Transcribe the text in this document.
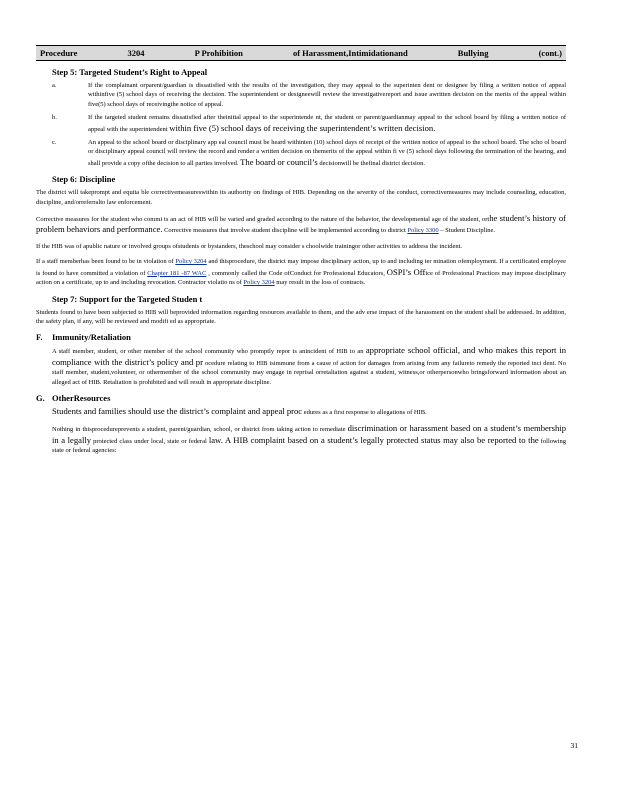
Procedure	3204	P Prohibition	of Harassment,Intimidationand	Bullying	(cont.)
Step 5: Targeted Student’s Right to Appeal
a.	If the complainant orparent/guardian is dissatisfied with the results of the investigation, they may appeal to the superinten dent or designee by filing a written notice of appeal withinfive (5) school days of receiving the decision. The superintendent or designeewill review the investigativereport and issue awritten decision on the merits of the appeal within five(5) school days of receivingthe notice of appeal.
b.	If the targeted student remains dissatisfied after theinitial appeal to the superintende nt, the student or parent/guardianmay appeal to the school board by filing a written notice of appeal with the superintendent within five (5) school days of receiving the superintendent’s written decision.
c.	An appeal to the school board or disciplinary app eal council must be heard withinten (10) school days of receipt of the written notice of appeal to the school board. The scho ol board or disciplinary appeal council will review the record and render a written decision on themerits of the appeal within fi ve (5) school days following the termination of the hearing, and shall provide a copy ofthe decision to all parties involved. The board or council’s decisionwill be thefinal district decision.
Step 6: Discipline
The district will takeprompt and equita ble correctivemeasureswithin its authority on findings of HIB. Depending on the severity of the conduct, correctivemeasures may include counseling, education, discipline, and/orreferralto law enforcement.
Corrective measures for the student who commi ts an act of HIB will be varied and graded according to the nature of the behavior, the developmental age of the student, orthe student’s history of problem behaviors and performance. Corrective measures that involve student discipline will be implemented according to district Policy 3300 – Student Discipline.
If the HIB was of apublic nature or involved groups ofstudents or bystanders, theschool may consider s choolwide trainingor other activities to address the incident.
If a staff memberhas been found to be in violation of Policy 3204 and thisprocedure, the district may impose disciplinary action, up to and including ter mination ofemployment. If a certificated employee is found to have committed a violation of Chapter 181 -87 WAC , commonly called the Code ofConduct for Professional Educators, OSPI’s Office of Professional Practices may impose disciplinary action on a certificate, up to and including revocation. Contractor violatio ns of Policy 3204 may result in the loss of contracts.
Step 7: Support for the Targeted Studen t
Students found to have been subjected to HIB will beprovided information regarding resources available to them, and the adv erse impact of the harassment on the student shall be addressed. In addition, the safety plan, if any, will be reviewed and modifi ed as appropriate.
F.	Immunity/Retaliation
A staff member, student, or other member of the school community who promptly repor ts anincident of HIB to an appropriate school official, and who makes this report in compliance with the district’s policy and pr ocedure relating to HIB isimmune from a cause of action for damages from arising from any failureto remedy the reported inci dent. No staff member, student,volunteer, or othermember of the school community may engage in reprisal orretaliation against a student, witness,or otherpersonwho bringsforward information about an alleged act of HIB. Retaliation is prohibited and will result in appropriate discipline.
G. OtherResources
Students and families should use the district’s complaint and appeal proc edures as a first response to allegations of HIB.
Nothing in thisprocedureprevents a student, parent/guardian, school, or district from taking action to remediate discrimination or harassment based on a student’s membership in a legally protected class under local, state or federal law. A HIB complaint based on a student’s legally protected status may also be reported to the following state or federal agencies:
31
